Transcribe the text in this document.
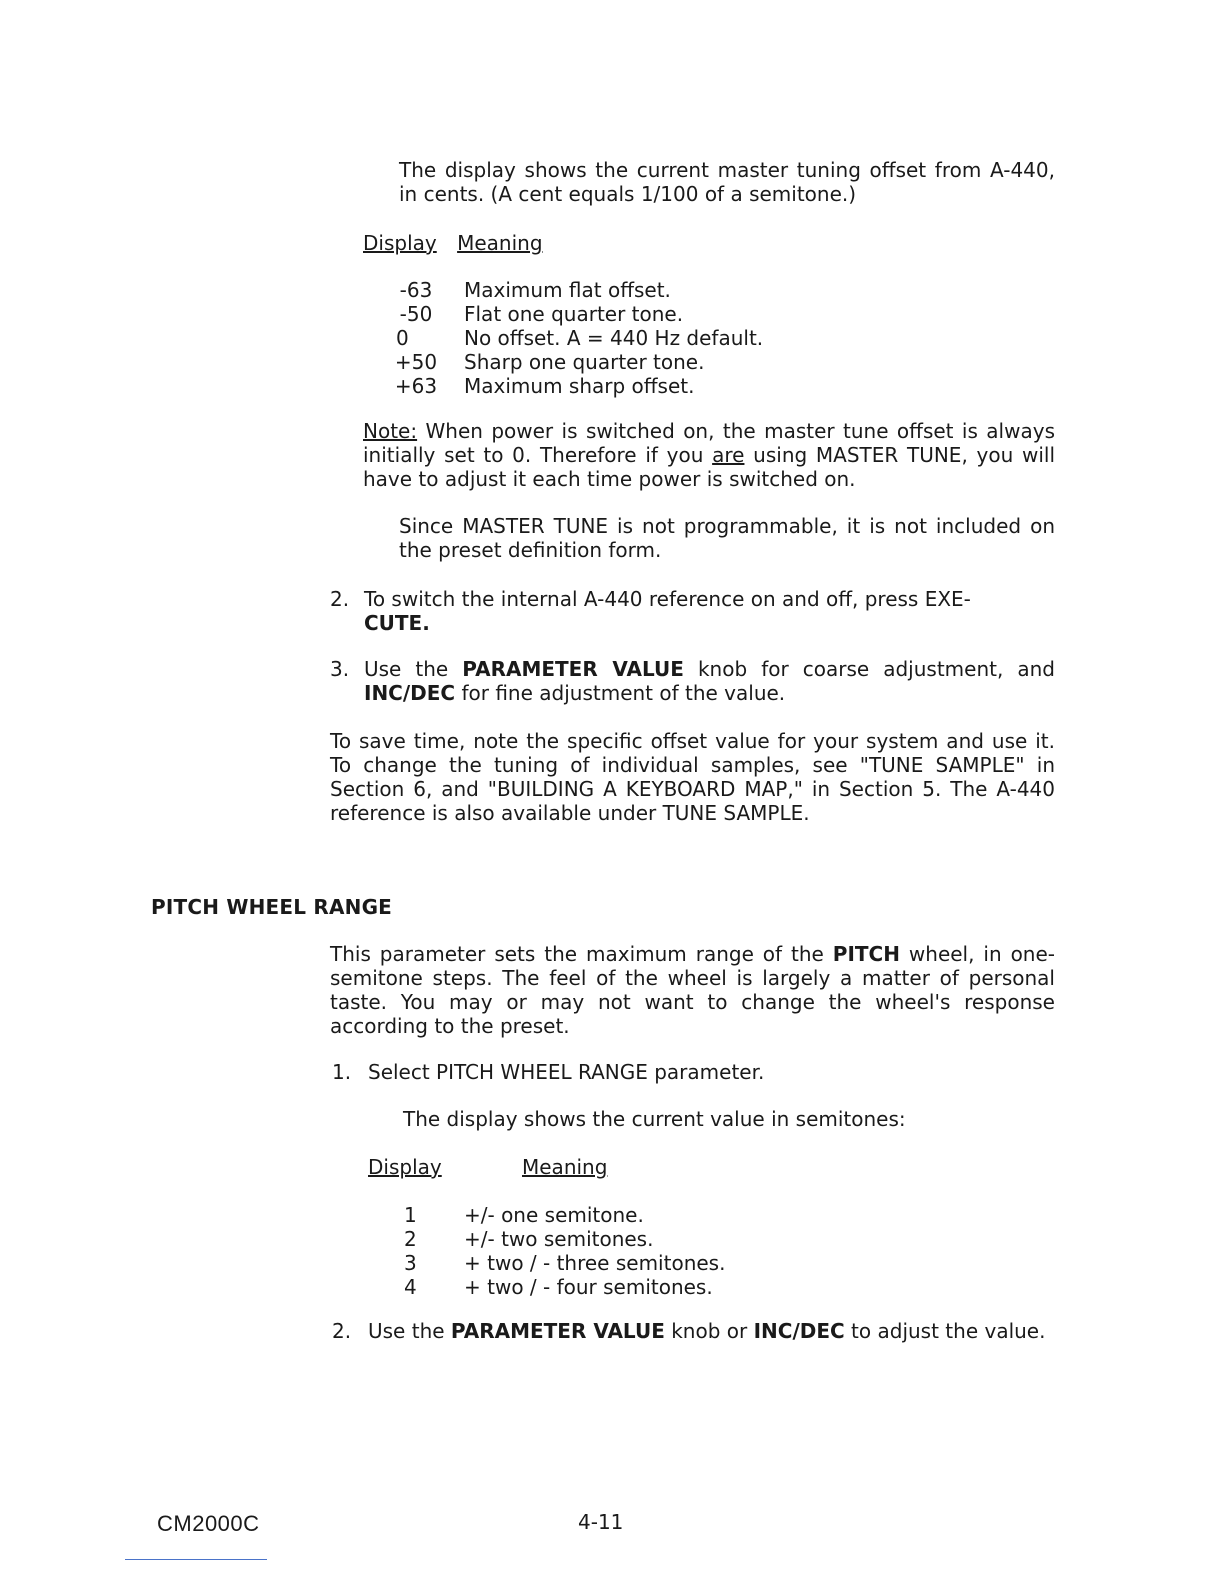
The display shows the current master tuning offset from A-440, in cents. (A cent equals 1/100 of a semitone.)

Display Meaning
-63	Maximum flat offset.
-50	Flat one quarter tone.
0	No offset. A = 440 Hz default.
+50	Sharp one quarter tone.
+63	Maximum sharp offset.

Note: When power is switched on, the master tune offset is always initially set to 0. Therefore if you are using MASTER TUNE, you will have to adjust it each time power is switched on.

Since MASTER TUNE is not programmable, it is not included on the preset definition form.

2. To switch the internal A-440 reference on and off, press EXE-
CUTE.

3. Use the PARAMETER VALUE knob for coarse adjustment, and INC/DEC for fine adjustment of the value.

To save time, note the specific offset value for your system and use it. To change the tuning of individual samples, see "TUNE SAMPLE" in Section 6, and "BUILDING A KEYBOARD MAP," in Section 5. The A-440 reference is also available under TUNE SAMPLE.

PITCH WHEEL RANGE

This parameter sets the maximum range of the PITCH wheel, in one-semitone steps. The feel of the wheel is largely a matter of personal taste. You may or may not want to change the wheel's response according to the preset.

1. Select PITCH WHEEL RANGE parameter.
The display shows the current value in semitones:
Display	Meaning
1	+/- one semitone.
2	+/- two semitones.
3	+ two / - three semitones.
4	+ two / - four semitones.
2. Use the PARAMETER VALUE knob or INC/DEC to adjust the value.

CM2000C	4-11
